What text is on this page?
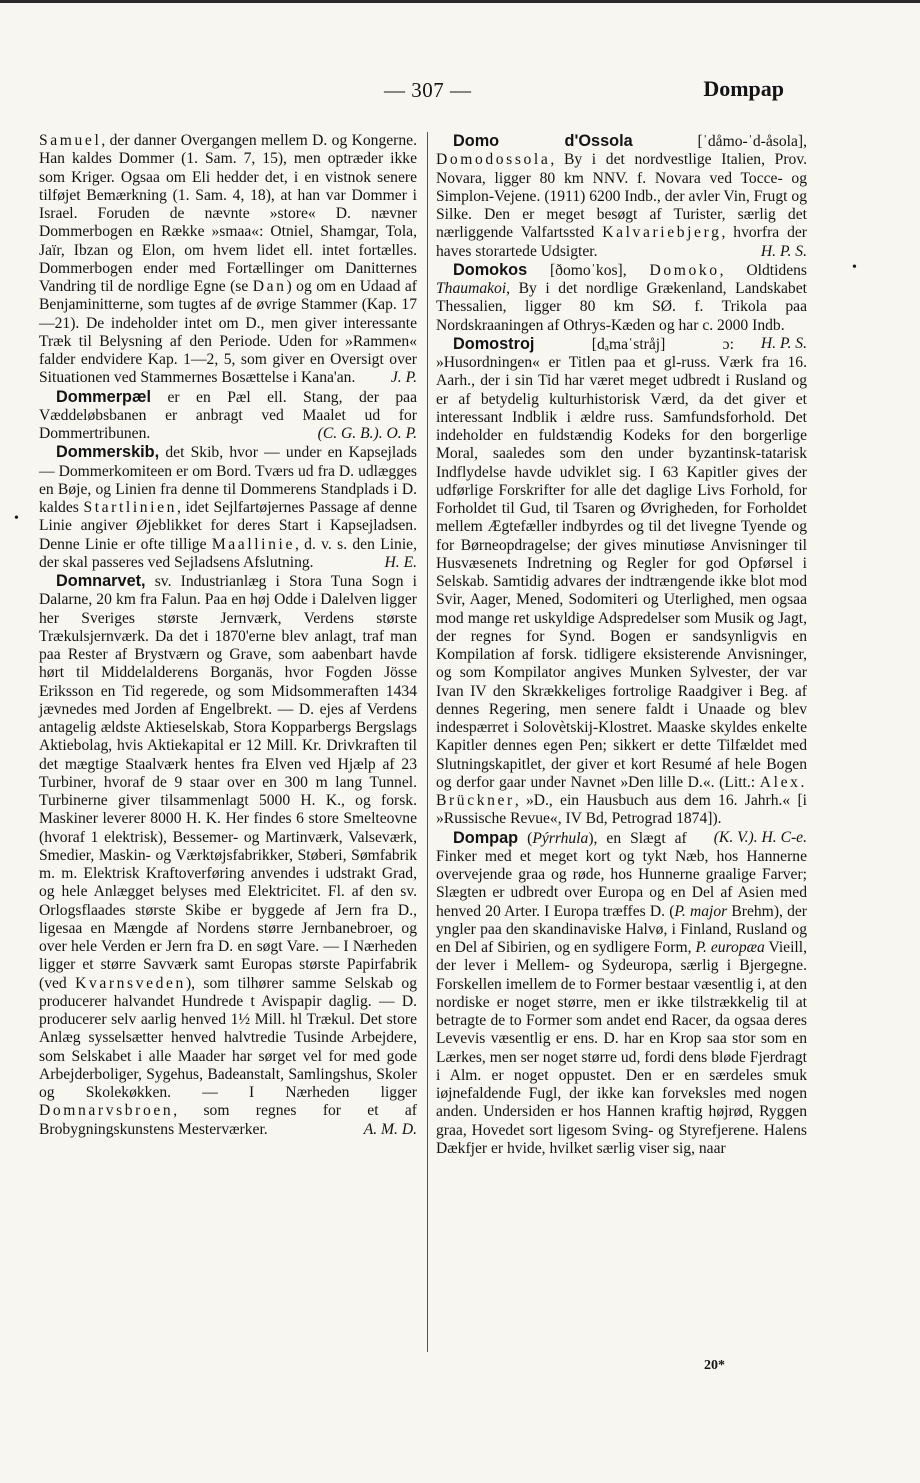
— 307 —	Dompap
•
•

Samuel, der danner Overgangen mellem D. og Kongerne. Han kaldes Dommer (1. Sam. 7, 15), men optræder ikke som Kriger. Ogsaa om Eli hedder det, i en vistnok senere tilføjet Bemærkning (1. Sam. 4, 18), at han var Dommer i Israel. Foruden de nævnte »store« D. nævner Dommerbogen en Række »smaa«: Otniel, Shamgar, Tola, Jaïr, Ibzan og Elon, om hvem lidet ell. intet fortælles. Dommerbogen ender med Fortællinger om Danitternes Vandring til de nordlige Egne (se Dan) og om en Udaad af Benjaminitterne, som tugtes af de øvrige Stammer (Kap. 17—21). De indeholder intet om D., men giver interessante Træk til Belysning af den Periode. Uden for »Rammen« falder endvidere Kap. 1—2, 5, som giver en Oversigt over Situationen ved Stammernes Bosættelse i Kana'an. J. P.

Dommerpæl er en Pæl ell. Stang, der paa Væddeløbsbanen er anbragt ved Maalet ud for Dommertribunen.	(C. G. B.). O. P.

Dommerskib, det Skib, hvor — under en Kapsejlads — Dommerkomiteen er om Bord. Tværs ud fra D. udlægges en Bøje, og Linien fra denne til Dommerens Standplads i D. kaldes Startlinien, idet Sejlfartøjernes Passage af denne Linie angiver Øjeblikket for deres Start i Kapsejladsen. Denne Linie er ofte tillige Maallinie, d. v. s. den Linie, der skal passeres ved Sejladsens Afslutning.	H. E.

Domnarvet, sv. Industrianlæg i Stora Tuna Sogn i Dalarne, 20 km fra Falun. Paa en høj Odde i Dalelven ligger her Sveriges største Jernværk, Verdens største Trækulsjernværk. Da det i 1870'erne blev anlagt, traf man paa Rester af Brystværn og Grave, som aabenbart havde hørt til Middelalderens Borganäs, hvor Fogden Jösse Eriksson en Tid regerede, og som Midsommeraften 1434 jævnedes med Jorden af Engelbrekt. — D. ejes af Verdens antagelig ældste Aktieselskab, Stora Kopparbergs Bergslags Aktiebolag, hvis Aktiekapital er 12 Mill. Kr. Drivkraften til det mægtige Staalværk hentes fra Elven ved Hjælp af 23 Turbiner, hvoraf de 9 staar over en 300 m lang Tunnel. Turbinerne giver tilsammenlagt 5000 H. K., og forsk. Maskiner leverer 8000 H. K. Her findes 6 store Smelteovne (hvoraf 1 elektrisk), Bessemer- og Martinværk, Valseværk, Smedier, Maskin- og Værktøjsfabrikker, Støberi, Sømfabrik m. m. Elektrisk Kraftoverføring anvendes i udstrakt Grad, og hele Anlægget belyses med Elektricitet. Fl. af den sv. Orlogsflaades største Skibe er byggede af Jern fra D., ligesaa en Mængde af Nordens større Jernbanebroer, og over hele Verden er Jern fra D. en søgt Vare. — I Nærheden ligger et større Savværk samt Europas største Papirfabrik (ved Kvarnsveden), som tilhører samme Selskab og producerer halvandet Hundrede t Avispapir daglig. — D. producerer selv aarlig henved 1½ Mill. hl Trækul. Det store Anlæg sysselsætter henved halvtredie Tusinde Arbejdere, som Selskabet i alle Maader har sørget vel for med gode Arbejderboliger, Sygehus, Badeanstalt, Samlingshus, Skoler og Skolekøkken. — I Nærheden ligger Domnarvsbroen, som regnes for et af Brobygningskunstens Mesterværker.	A. M. D.

Domo d'Ossola [ˈdåmo-ˈd-åsola], Domodossola, By i det nordvestlige Italien, Prov. Novara, ligger 80 km NNV. f. Novara ved Tocce- og Simplon-Vejene. (1911) 6200 Indb., der avler Vin, Frugt og Silke. Den er meget besøgt af Turister, særlig det nærliggende Valfartssted Kalvariebjerg, hvorfra der haves storartede Udsigter.	H. P. S.

Domokos [ðomoˈkos], Domoko, Oldtidens Thaumakoi, By i det nordlige Grækenland, Landskabet Thessalien, ligger 80 km SØ. f. Trikola paa Nordskraaningen af Othrys-Kæden og har c. 2000 Indb.
H. P. S.

Domostroj [dₐmaˈstråj] ɔ: »Husordningen« er Titlen paa et gl-russ. Værk fra 16. Aarh., der i sin Tid har været meget udbredt i Rusland og er af betydelig kulturhistorisk Værd, da det giver et interessant Indblik i ældre russ. Samfundsforhold. Det indeholder en fuldstændig Kodeks for den borgerlige Moral, saaledes som den under byzantinsk-tatarisk Indflydelse havde udviklet sig. I 63 Kapitler gives der udførlige Forskrifter for alle det daglige Livs Forhold, for Forholdet til Gud, til Tsaren og Øvrigheden, for Forholdet mellem Ægtefæller indbyrdes og til det livegne Tyende og for Børneopdragelse; der gives minutiøse Anvisninger til Husvæsenets Indretning og Regler for god Opførsel i Selskab. Samtidig advares der indtrængende ikke blot mod Svir, Aager, Mened, Sodomiteri og Uterlighed, men ogsaa mod mange ret uskyldige Adspredelser som Musik og Jagt, der regnes for Synd. Bogen er sandsynligvis en Kompilation af forsk. tidligere eksisterende Anvisninger, og som Kompilator angives Munken Sylvester, der var Ivan IV den Skrækkeliges fortrolige Raadgiver i Beg. af dennes Regering, men senere faldt i Unaade og blev indespærret i Solovètskij-Klostret. Maaske skyldes enkelte Kapitler dennes egen Pen; sikkert er dette Tilfældet med Slutningskapitlet, der giver et kort Resumé af hele Bogen og derfor gaar under Navnet »Den lille D.«. (Litt.: Alex. Brückner, »D., ein Hausbuch aus dem 16. Jahrh.« [i »Russische Revue«, IV Bd, Petrograd 1874]).
(K. V.). H. C-e.

Dompap (Pýrrhula), en Slægt af Finker med et meget kort og tykt Næb, hos Hannerne overvejende graa og røde, hos Hunnerne graalige Farver; Slægten er udbredt over Europa og en Del af Asien med henved 20 Arter. I Europa træffes D. (P. major Brehm), der yngler paa den skandinaviske Halvø, i Finland, Rusland og en Del af Sibirien, og en sydligere Form, P. europæa Vieill, der lever i Mellem- og Sydeuropa, særlig i Bjergegne. Forskellen imellem de to Former bestaar væsentlig i, at den nordiske er noget større, men er ikke tilstrækkelig til at betragte de to Former som andet end Racer, da ogsaa deres Levevis væsentlig er ens. D. har en Krop saa stor som en Lærkes, men ser noget større ud, fordi dens bløde Fjerdragt i Alm. er noget oppustet. Den er en særdeles smuk iøjnefaldende Fugl, der ikke kan forveksles med nogen anden. Undersiden er hos Hannen kraftig højrød, Ryggen graa, Hovedet sort ligesom Sving- og Styrefjerene. Halens Dækfjer er hvide, hvilket særlig viser sig, naar

20*
